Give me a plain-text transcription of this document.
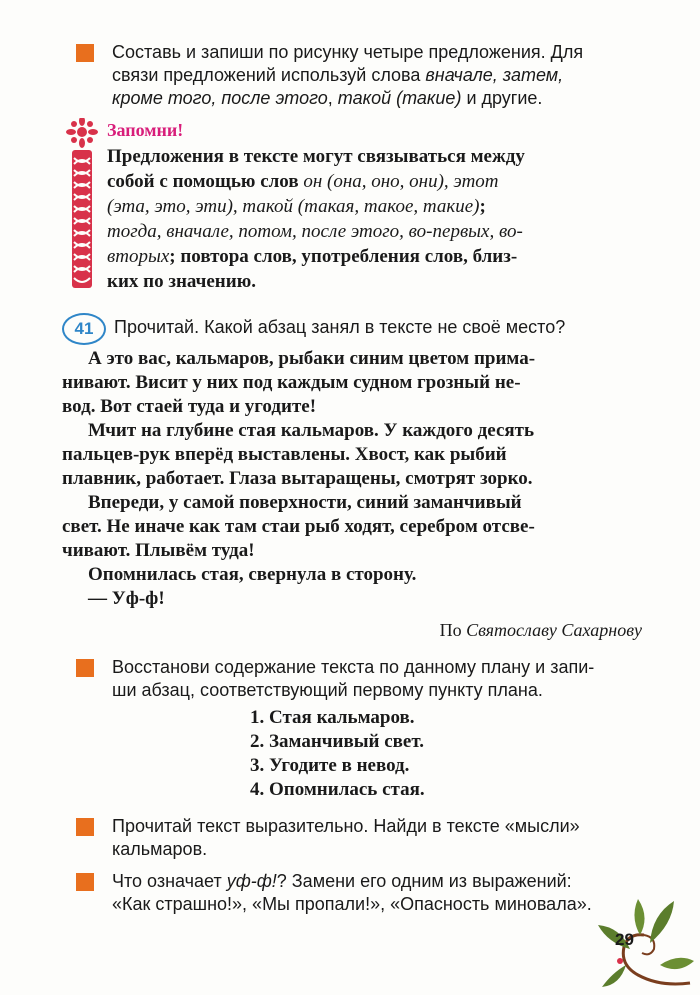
Составь и запиши по рисунку четыре предложения. Для
связи предложений используй слова вначале, затем,
кроме того, после этого, такой (такие) и другие.
Запомни!
Предложения в тексте могут связываться между
собой с помощью слов он (она, оно, они), этот
(эта, это, эти), такой (такая, такое, такие);
тогда, вначале, потом, после этого, во-первых, во-
вторых; повтора слов, употребления слов, близ-
ких по значению.
41	Прочитай. Какой абзац занял в тексте не своё место?
А это вас, кальмаров, рыбаки синим цветом прима-
нивают. Висит у них под каждым судном грозный не-
вод. Вот стаей туда и угодите!
Мчит на глубине стая кальмаров. У каждого десять
пальцев-рук вперёд выставлены. Хвост, как рыбий
плавник, работает. Глаза вытаращены, смотрят зорко.
Впереди, у самой поверхности, синий заманчивый
свет. Не иначе как там стаи рыб ходят, серебром отсве-
чивают. Плывём туда!
Опомнилась стая, свернула в сторону.
— Уф-ф!
По Святославу Сахарнову
Восстанови содержание текста по данному плану и запи-
ши абзац, соответствующий первому пункту плана.
1. Стая кальмаров.
2. Заманчивый свет.
3. Угодите в невод.
4. Опомнилась стая.
Прочитай текст выразительно. Найди в тексте «мысли»
кальмаров.
Что означает уф-ф!? Замени его одним из выражений:
«Как страшно!», «Мы пропали!», «Опасность миновала».
29
